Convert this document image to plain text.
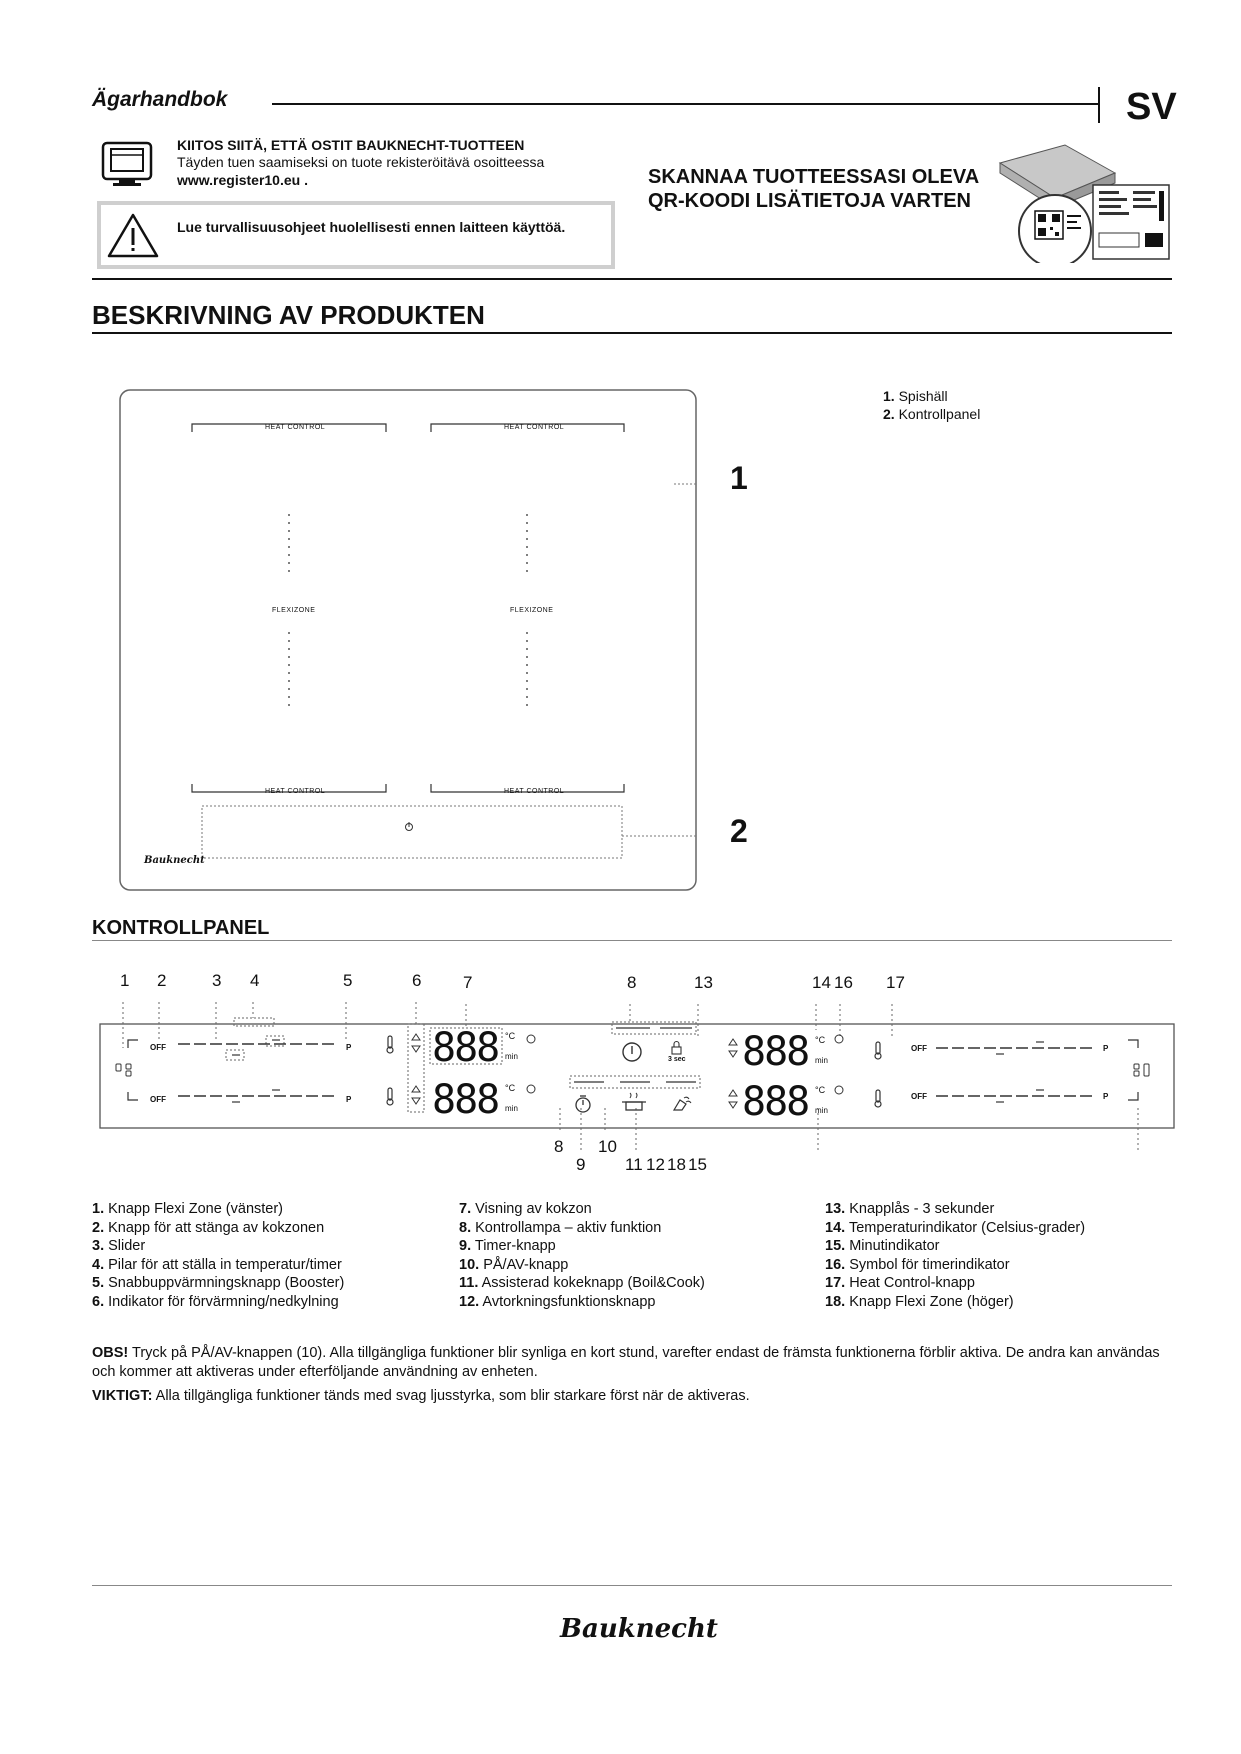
Ägarhandbok	SV
KIITOS SIITÄ, ETTÄ OSTIT BAUKNECHT-TUOTTEEN
Täyden tuen saamiseksi on tuote rekisteröitävä osoitteessa
www.register10.eu .
Lue turvallisuusohjeet huolellisesti ennen laitteen käyttöä.
SKANNAA TUOTTEESSASI OLEVA QR-KOODI LISÄTIETOJA VARTEN
BESKRIVNING AV PRODUKTEN
HEAT CONTROL	HEAT CONTROL
HEAT CONTROL	HEAT CONTROL
FLEXIZONE	FLEXIZONE
Bauknecht
1
2
1. Spishäll
2. Kontrollpanel
KONTROLLPANEL
1 2	3 4	5	6 7	8	13	14 16 17
OFF
OFF
P
P
888
888
°C
min
°C
min
3 sec 888
888
°C
min
°C
min
OFF
OFF
P
P
8 10
9 11 12 18 15
1. Knapp Flexi Zone (vänster)
2. Knapp för att stänga av kokzonen
3. Slider
4. Pilar för att ställa in temperatur/timer
5. Snabbuppvärmningsknapp (Booster)
6. Indikator för förvärmning/nedkylning
7. Visning av kokzon
8. Kontrollampa – aktiv funktion
9. Timer-knapp
10. PÅ/AV-knapp
11. Assisterad kokeknapp (Boil&Cook)
12. Avtorkningsfunktionsknapp
13. Knapplås - 3 sekunder
14. Temperaturindikator (Celsius-grader)
15. Minutindikator
16. Symbol för timerindikator
17. Heat Control-knapp
18. Knapp Flexi Zone (höger)
OBS! Tryck på PÅ/AV-knappen (10). Alla tillgängliga funktioner blir synliga en kort stund, varefter endast de främsta funktionerna förblir aktiva. De andra kan användas och kommer att aktiveras under efterföljande användning av enheten.
VIKTIGT: Alla tillgängliga funktioner tänds med svag ljusstyrka, som blir starkare först när de aktiveras.
Bauknecht
